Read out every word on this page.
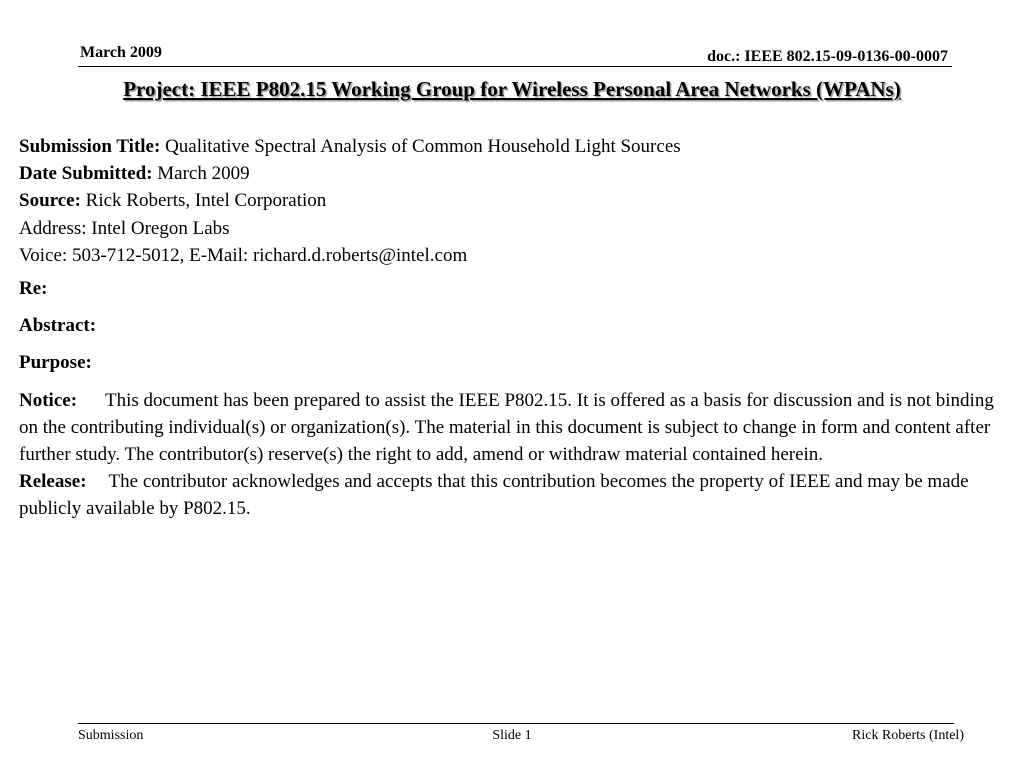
March 2009	doc.: IEEE 802.15-09-0136-00-0007
Project: IEEE P802.15 Working Group for Wireless Personal Area Networks (WPANs)
Submission Title: Qualitative Spectral Analysis of Common Household Light Sources
Date Submitted: March 2009
Source: Rick Roberts, Intel Corporation
Address: Intel Oregon Labs
Voice: 503-712-5012, E-Mail: richard.d.roberts@intel.com
Re:
Abstract:
Purpose:
Notice: This document has been prepared to assist the IEEE P802.15. It is offered as a basis for discussion and is not binding on the contributing individual(s) or organization(s). The material in this document is subject to change in form and content after further study. The contributor(s) reserve(s) the right to add, amend or withdraw material contained herein.
Release: The contributor acknowledges and accepts that this contribution becomes the property of IEEE and may be made publicly available by P802.15.
Submission	Slide 1	Rick Roberts (Intel)
